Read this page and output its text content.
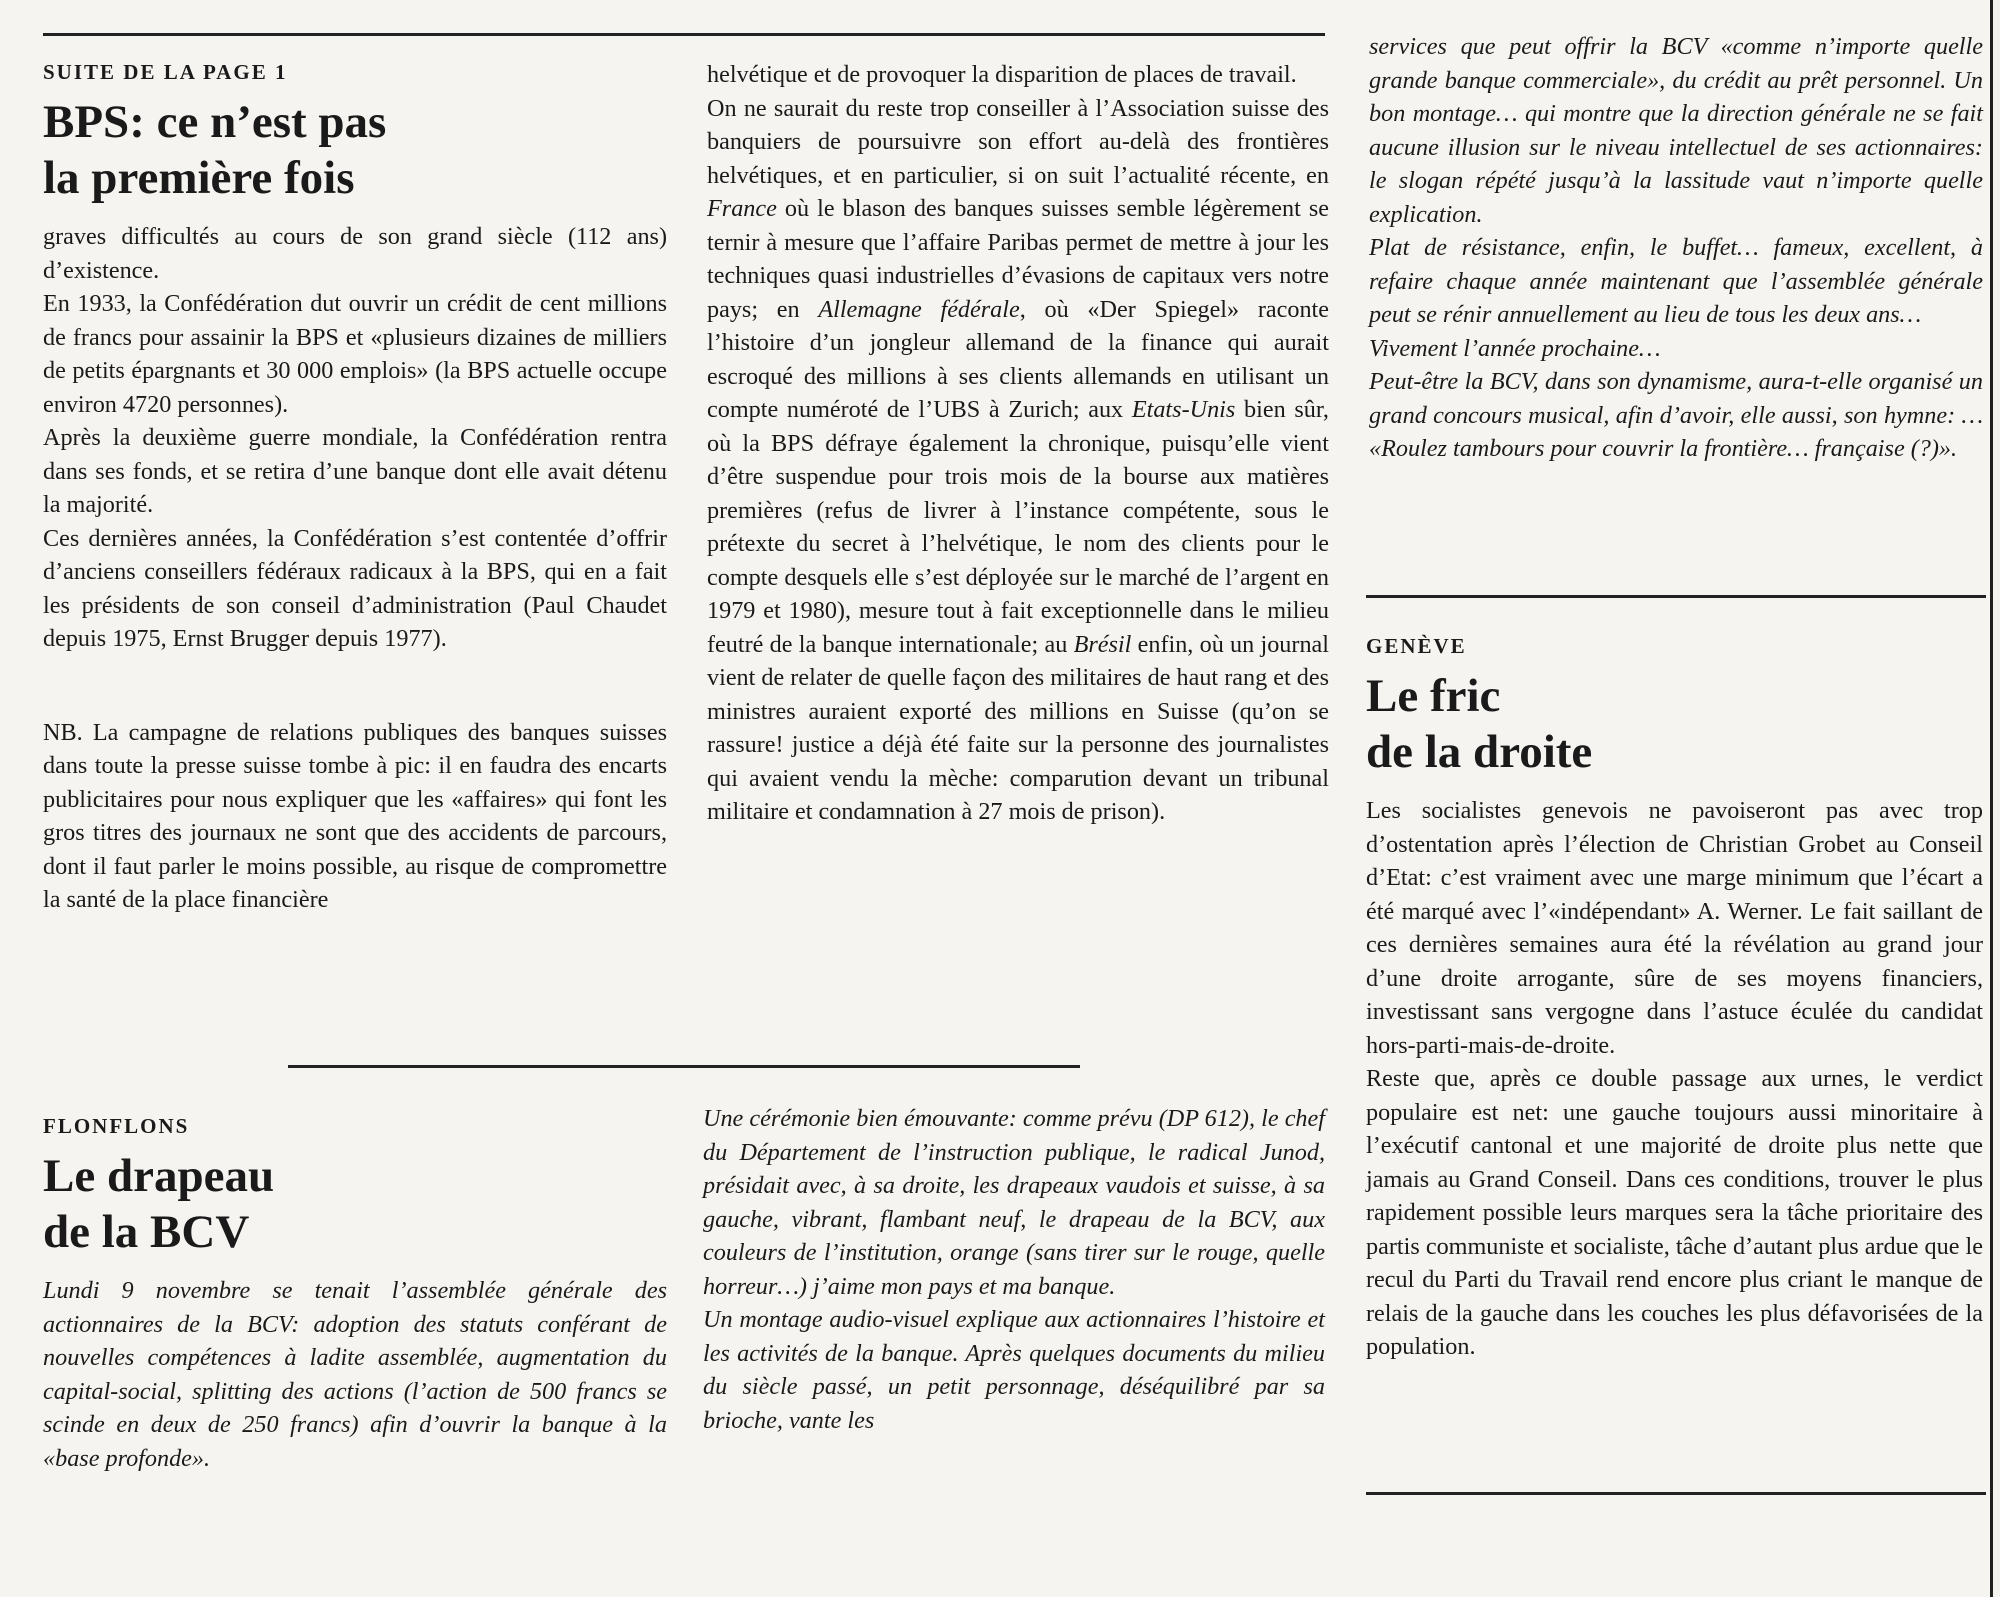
SUITE DE LA PAGE 1
BPS: ce n’est pas
la première fois

graves difficultés au cours de son grand siècle (112 ans) d’existence.

En 1933, la Confédération dut ouvrir un crédit de cent millions de francs pour assainir la BPS et «plusieurs dizaines de milliers de petits épargnants et 30 000 emplois» (la BPS actuelle occupe environ 4720 personnes).

Après la deuxième guerre mondiale, la Confédération rentra dans ses fonds, et se retira d’une banque dont elle avait détenu la majorité.

Ces dernières années, la Confédération s’est contentée d’offrir d’anciens conseillers fédéraux radicaux à la BPS, qui en a fait les présidents de son conseil d’administration (Paul Chaudet depuis 1975, Ernst Brugger depuis 1977).

NB. La campagne de relations publiques des banques suisses dans toute la presse suisse tombe à pic: il en faudra des encarts publicitaires pour nous expliquer que les «affaires» qui font les gros titres des journaux ne sont que des accidents de parcours, dont il faut parler le moins possible, au risque de compromettre la santé de la place financière

helvétique et de provoquer la disparition de places de travail.

On ne saurait du reste trop conseiller à l’Association suisse des banquiers de poursuivre son effort au-delà des frontières helvétiques, et en particulier, si on suit l’actualité récente, en France où le blason des banques suisses semble légèrement se ternir à mesure que l’affaire Paribas permet de mettre à jour les techniques quasi industrielles d’évasions de capitaux vers notre pays; en Allemagne fédérale, où «Der Spiegel» raconte l’histoire d’un jongleur allemand de la finance qui aurait escroqué des millions à ses clients allemands en utilisant un compte numéroté de l’UBS à Zurich; aux Etats-Unis bien sûr, où la BPS défraye également la chronique, puisqu’elle vient d’être suspendue pour trois mois de la bourse aux matières premières (refus de livrer à l’instance compétente, sous le prétexte du secret à l’helvétique, le nom des clients pour le compte desquels elle s’est déployée sur le marché de l’argent en 1979 et 1980), mesure tout à fait exceptionnelle dans le milieu feutré de la banque internationale; au Brésil enfin, où un journal vient de relater de quelle façon des militaires de haut rang et des ministres auraient exporté des millions en Suisse (qu’on se rassure! justice a déjà été faite sur la personne des journalistes qui avaient vendu la mèche: comparution devant un tribunal militaire et condamnation à 27 mois de prison).

services que peut offrir la BCV «comme n’importe quelle grande banque commerciale», du crédit au prêt personnel. Un bon montage… qui montre que la direction générale ne se fait aucune illusion sur le niveau intellectuel de ses actionnaires: le slogan répété jusqu’à la lassitude vaut n’importe quelle explication.

Plat de résistance, enfin, le buffet… fameux, excellent, à refaire chaque année maintenant que l’assemblée générale peut se rénir annuellement au lieu de tous les deux ans…

Vivement l’année prochaine…

Peut-être la BCV, dans son dynamisme, aura-t-elle organisé un grand concours musical, afin d’avoir, elle aussi, son hymne: … «Roulez tambours pour couvrir la frontière… française (?)».

GENÈVE
Le fric
de la droite

Les socialistes genevois ne pavoiseront pas avec trop d’ostentation après l’élection de Christian Grobet au Conseil d’Etat: c’est vraiment avec une marge minimum que l’écart a été marqué avec l’«indépendant» A. Werner. Le fait saillant de ces dernières semaines aura été la révélation au grand jour d’une droite arrogante, sûre de ses moyens financiers, investissant sans vergogne dans l’astuce éculée du candidat hors-parti-mais-de-droite.

Reste que, après ce double passage aux urnes, le verdict populaire est net: une gauche toujours aussi minoritaire à l’exécutif cantonal et une majorité de droite plus nette que jamais au Grand Conseil. Dans ces conditions, trouver le plus rapidement possible leurs marques sera la tâche prioritaire des partis communiste et socialiste, tâche d’autant plus ardue que le recul du Parti du Travail rend encore plus criant le manque de relais de la gauche dans les couches les plus défavorisées de la population.

FLONFLONS
Le drapeau
de la BCV

Lundi 9 novembre se tenait l’assemblée générale des actionnaires de la BCV: adoption des statuts conférant de nouvelles compétences à ladite assemblée, augmentation du capital-social, splitting des actions (l’action de 500 francs se scinde en deux de 250 francs) afin d’ouvrir la banque à la «base profonde».

Une cérémonie bien émouvante: comme prévu (DP 612), le chef du Département de l’instruction publique, le radical Junod, présidait avec, à sa droite, les drapeaux vaudois et suisse, à sa gauche, vibrant, flambant neuf, le drapeau de la BCV, aux couleurs de l’institution, orange (sans tirer sur le rouge, quelle horreur…) j’aime mon pays et ma banque.

Un montage audio-visuel explique aux actionnaires l’histoire et les activités de la banque. Après quelques documents du milieu du siècle passé, un petit personnage, déséquilibré par sa brioche, vante les
